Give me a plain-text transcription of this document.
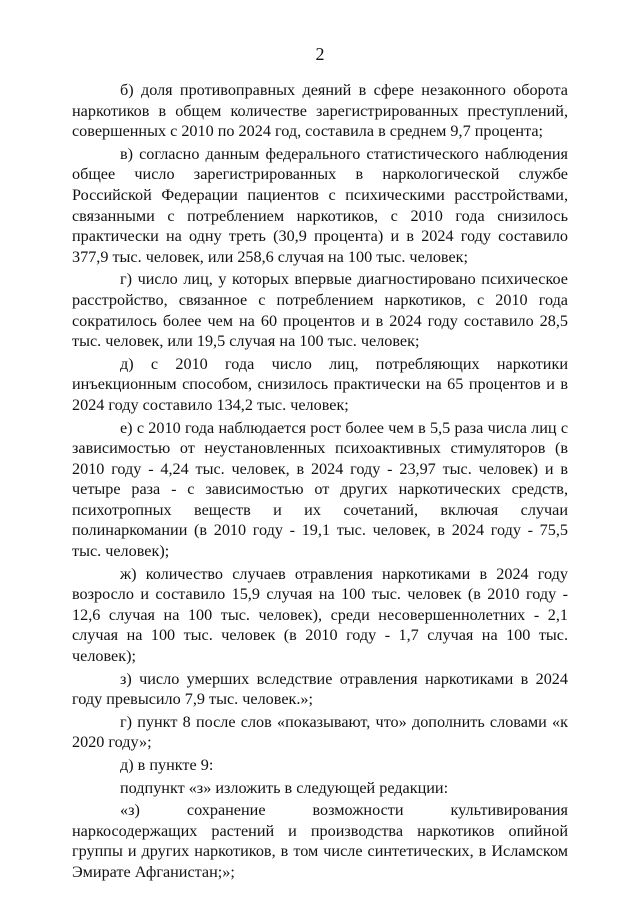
2

б) доля противоправных деяний в сфере незаконного оборота наркотиков в общем количестве зарегистрированных преступлений, совершенных с 2010 по 2024 год, составила в среднем 9,7 процента;

в) согласно данным федерального статистического наблюдения общее число зарегистрированных в наркологической службе Российской Федерации пациентов с психическими расстройствами, связанными с потреблением наркотиков, с 2010 года снизилось практически на одну треть (30,9 процента) и в 2024 году составило 377,9 тыс. человек, или 258,6 случая на 100 тыс. человек;

г) число лиц, у которых впервые диагностировано психическое расстройство, связанное с потреблением наркотиков, с 2010 года сократилось более чем на 60 процентов и в 2024 году составило 28,5 тыс. человек, или 19,5 случая на 100 тыс. человек;

д) с 2010 года число лиц, потребляющих наркотики инъекционным способом, снизилось практически на 65 процентов и в 2024 году составило 134,2 тыс. человек;

е) с 2010 года наблюдается рост более чем в 5,5 раза числа лиц с зависимостью от неустановленных психоактивных стимуляторов (в 2010 году - 4,24 тыс. человек, в 2024 году - 23,97 тыс. человек) и в четыре раза - с зависимостью от других наркотических средств, психотропных веществ и их сочетаний, включая случаи полинаркомании (в 2010 году - 19,1 тыс. человек, в 2024 году - 75,5 тыс. человек);

ж) количество случаев отравления наркотиками в 2024 году возросло и составило 15,9 случая на 100 тыс. человек (в 2010 году - 12,6 случая на 100 тыс. человек), среди несовершеннолетних - 2,1 случая на 100 тыс. человек (в 2010 году - 1,7 случая на 100 тыс. человек);

з) число умерших вследствие отравления наркотиками в 2024 году превысило 7,9 тыс. человек.»;

г) пункт 8 после слов «показывают, что» дополнить словами «к 2020 году»;

д) в пункте 9:

подпункт «з» изложить в следующей редакции:

«з) сохранение возможности культивирования наркосодержащих растений и производства наркотиков опийной группы и других наркотиков, в том числе синтетических, в Исламском Эмирате Афганистан;»;
